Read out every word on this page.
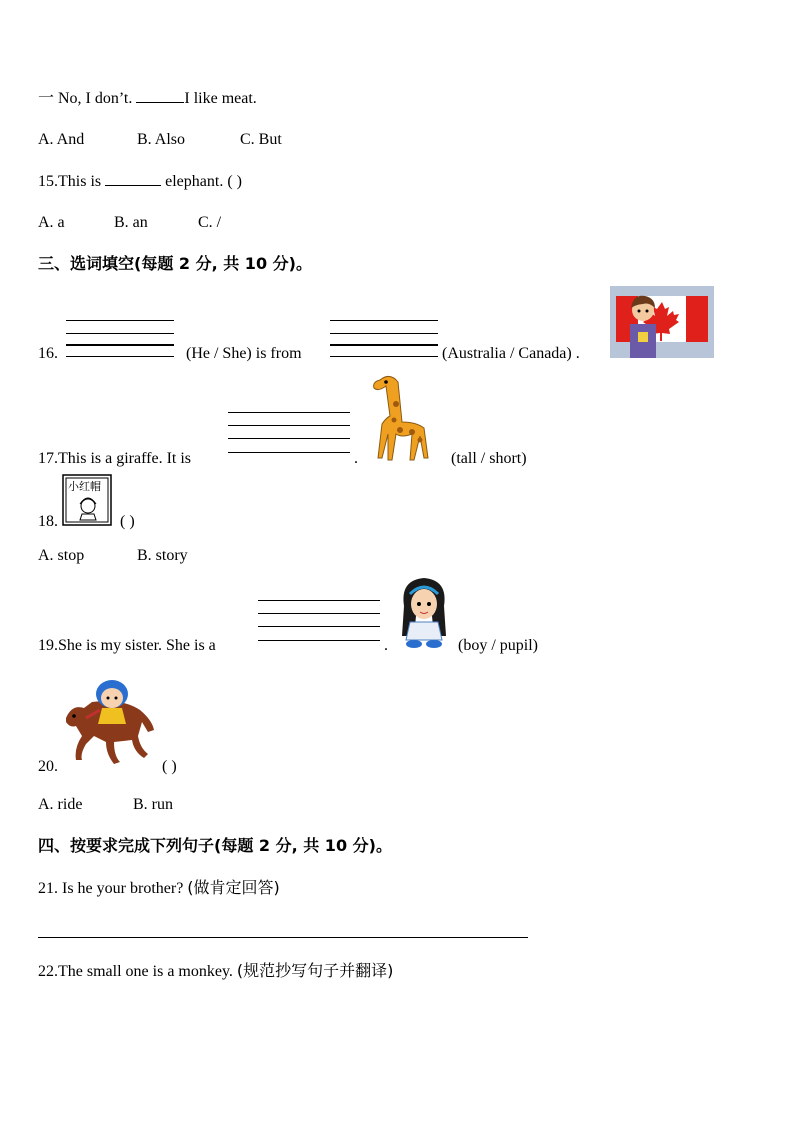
一 No, I don’t.	I like meat.
A. And	B. Also	C. But
15.This is	elephant. ( )
A. a	B. an	C. /
三、选词填空(每题 2 分, 共 10 分)。
16.	(He / She) is from	(Australia / Canada) .
17.This is a giraffe. It is	.	(tall / short)
18.
小红帽
( )
A. stop	B. story
19.She is my sister. She is a	.	(boy / pupil)
20.	( )
A. ride	B. run
四、按要求完成下列句子(每题 2 分, 共 10 分)。
21. Is he your brother? (做肯定回答)
22.The small one is a monkey. (规范抄写句子并翻译)
